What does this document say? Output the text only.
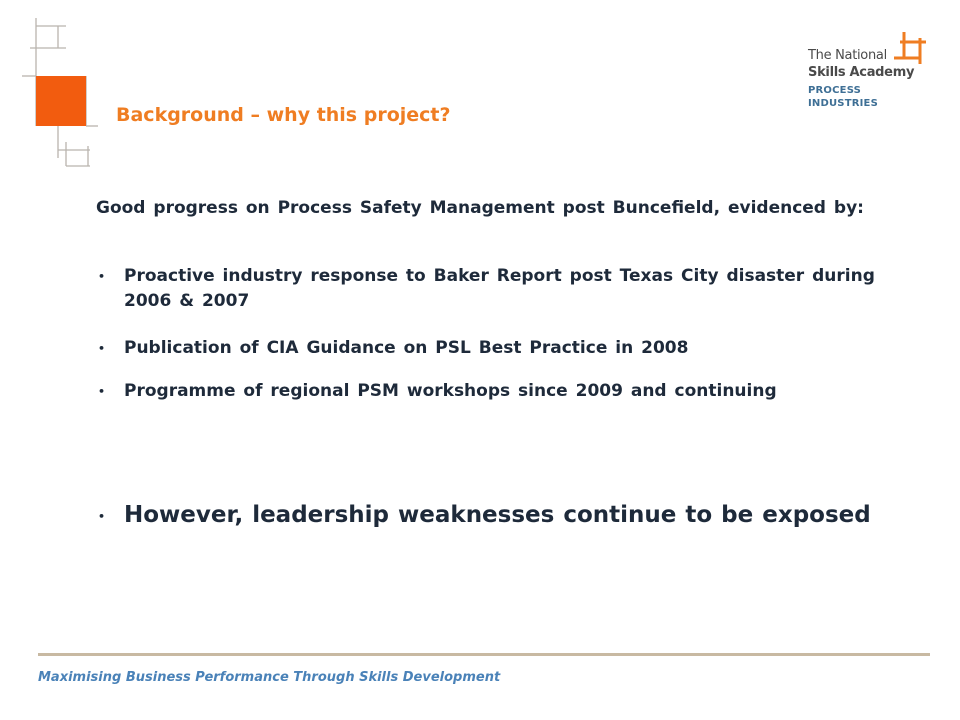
The National
Skills Academy
PROCESS
INDUSTRIES
Background – why this project?
Good progress on Process Safety Management post Buncefield, evidenced by:
• Proactive industry response to Baker Report post Texas City disaster during 2006 & 2007
• Publication of CIA Guidance on PSL Best Practice in 2008
• Programme of regional PSM workshops since 2009 and continuing
• However, leadership weaknesses continue to be exposed
Maximising Business Performance Through Skills Development
